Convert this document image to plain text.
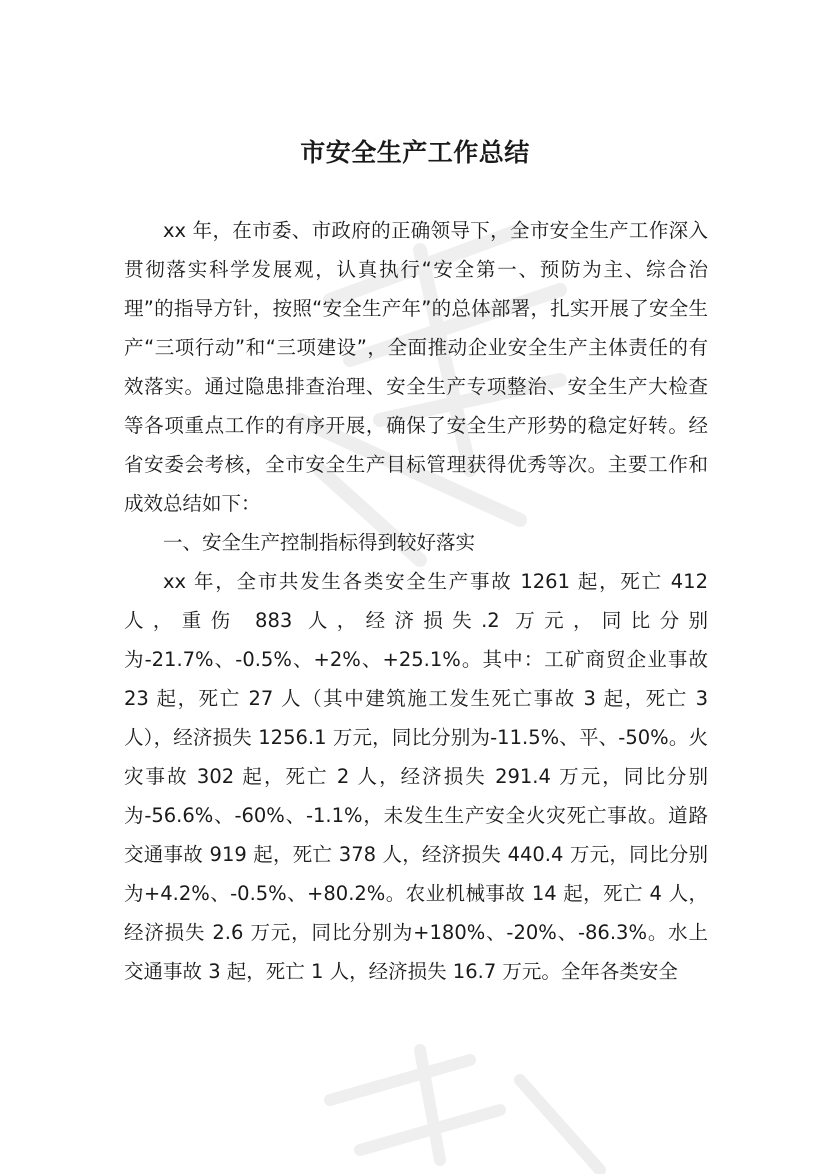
市安全生产工作总结

xx 年，在市委、市政府的正确领导下，全市安全生产工作深入贯彻落实科学发展观，认真执行“安全第一、预防为主、综合治理”的指导方针，按照“安全生产年”的总体部署，扎实开展了安全生产“三项行动”和“三项建设”，全面推动企业安全生产主体责任的有效落实。通过隐患排查治理、安全生产专项整治、安全生产大检查等各项重点工作的有序开展，确保了安全生产形势的稳定好转。经省安委会考核，全市安全生产目标管理获得优秀等次。主要工作和成效总结如下：

一、安全生产控制指标得到较好落实

xx 年，全市共发生各类安全生产事故 1261 起，死亡 412 人，重伤 883 人，经济损失.2 万元，同比分别为-21.7%、-0.5%、+2%、+25.1%。其中：工矿商贸企业事故 23 起，死亡 27 人（其中建筑施工发生死亡事故 3 起，死亡 3 人），经济损失 1256.1 万元，同比分别为-11.5%、平、-50%。火灾事故 302 起，死亡 2 人，经济损失 291.4 万元，同比分别为-56.6%、-60%、-1.1%，未发生生产安全火灾死亡事故。道路交通事故 919 起，死亡 378 人，经济损失 440.4 万元，同比分别为+4.2%、-0.5%、+80.2%。农业机械事故 14 起，死亡 4 人，经济损失 2.6 万元，同比分别为+180%、-20%、-86.3%。水上交通事故 3 起，死亡 1 人，经济损失 16.7 万元。全年各类安全
